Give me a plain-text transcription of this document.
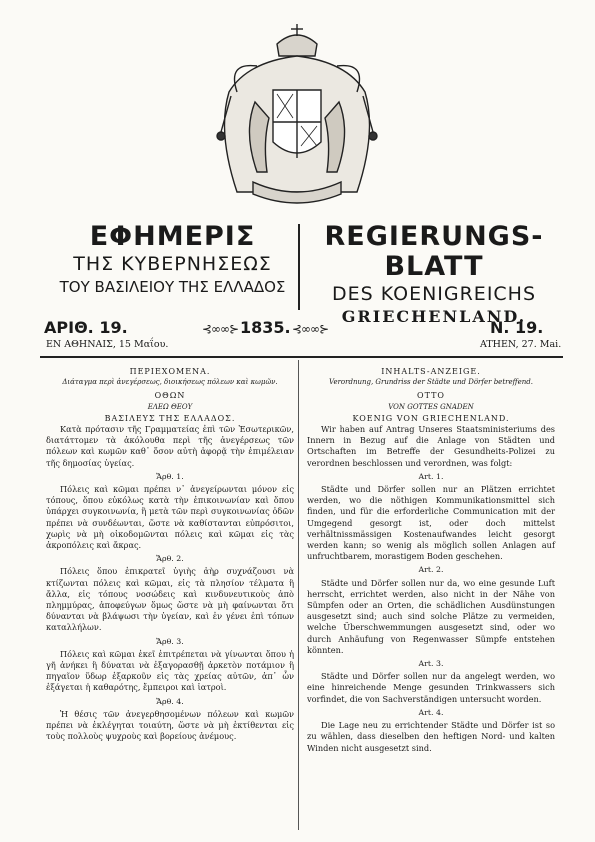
ΕΦΗΜΕΡΙΣ
ΤΗΣ ΚΥΒΕΡΝΗΣΕΩΣ
ΤΟΥ ΒΑΣΙΛΕΙΟΥ ΤΗΣ ΕΛΛΑΔΟΣ
REGIERUNGS-BLATT
DES KOENIGREICHS
GRIECHENLAND.
ΑΡΙΘ. 19.	⊰∞∞⊱ 1835. ⊰∞∞⊱	N. 19.
ΕΝ ΑΘΗΝΑΙΣ, 15 Μαΐου.	ATHEN, 27. Mai.
ΠΕΡΙΕΧΟΜΕΝΑ.
Διάταγμα περὶ ἀνεγέρσεως, διοικήσεως πόλεων καὶ κωμῶν.
ΟΘΩΝ
ΕΛΕΩ ΘΕΟΥ
ΒΑΣΙΛΕΥΣ ΤΗΣ ΕΛΛΑΔΟΣ.

Κατὰ πρότασιν τῆς Γραμματείας ἐπὶ τῶν Ἐσωτερικῶν, διατάττομεν τὰ ἀκόλουθα περὶ τῆς ἀνεγέρσεως τῶν πόλεων καὶ κωμῶν καθ᾽ ὅσον αὐτὴ ἀφορᾷ τὴν ἐπιμέλειαν τῆς δημοσίας ὑγείας.

Ἄρθ. 1.

Πόλεις καὶ κῶμαι πρέπει ν᾽ ἀνεγείρωνται μόνον εἰς τόπους, ὅπου εὐκόλως κατὰ τὴν ἐπικοινωνίαν καὶ ὅπου ὑπάρχει συγκοινωνία, ἢ μετὰ τῶν περὶ συγκοινωνίας ὁδῶν πρέπει νὰ συνδέωνται, ὥστε νὰ καθίστανται εὐπρόσιτοι, χωρὶς νὰ μὴ οἰκοδομῶνται πόλεις καὶ κῶμαι εἰς τὰς ἀκροπόλεις καὶ ἄκρας.

Ἄρθ. 2.

Πόλεις ὅπου ἐπικρατεῖ ὑγιὴς ἀὴρ συχνάζουσι νὰ κτίζωνται πόλεις καὶ κῶμαι, εἰς τὰ πλησίον τέλματα ἢ ἄλλα, εἰς τόπους νοσώδεις καὶ κινδυνευτικοὺς ἀπὸ πλημμύρας, ἀποφεύγων ὅμως ὥστε νὰ μὴ φαίνωνται ὅτι δύνανται νὰ βλάψωσι τὴν ὑγείαν, καὶ ἐν γένει ἐπὶ τόπων καταλλήλων.

Ἄρθ. 3.

Πόλεις καὶ κῶμαι ἐκεῖ ἐπιτρέπεται νὰ γίνωνται ὅπου ἡ γῆ ἀνήκει ἢ δύναται νὰ ἐξαγορασθῇ ἀρκετὸν ποτάμιον ἢ πηγαῖον ὕδωρ ἐξαρκοῦν εἰς τὰς χρείας αὐτῶν, ἀπ᾽ ὧν ἐξάγεται ἡ καθαρότης, ἔμπειροι καὶ ἰατροὶ.

Ἄρθ. 4.

Ἡ θέσις τῶν ἀνεγερθησομένων πόλεων καὶ κωμῶν πρέπει νὰ ἐκλέγηται τοιαύτη, ὥστε νὰ μὴ ἐκτίθενται εἰς τοὺς πολλοὺς ψυχροὺς καὶ βορείους ἀνέμους.

INHALTS-ANZEIGE.
Verordnung, Grundriss der Städte und Dörfer betreffend.
OTTO
VON GOTTES GNADEN
KOENIG VON GRIECHENLAND.

Wir haben auf Antrag Unseres Staatsministeriums des Innern in Bezug auf die Anlage von Städten und Ortschaften im Betreffe der Gesundheits-Polizei zu verordnen beschlossen und verordnen, was folgt:

Art. 1.

Städte und Dörfer sollen nur an Plätzen errichtet werden, wo die nöthigen Kommunikationsmittel sich finden, und für die erforderliche Communication mit der Umgegend gesorgt ist, oder doch mittelst verhältnissmässigen Kostenaufwandes leicht gesorgt werden kann; so wenig als möglich sollen Anlagen auf unfruchtbarem, morastigem Boden geschehen.

Art. 2.

Städte und Dörfer sollen nur da, wo eine gesunde Luft herrscht, errichtet werden, also nicht in der Nähe von Sümpfen oder an Orten, die schädlichen Ausdünstungen ausgesetzt sind; auch sind solche Plätze zu vermeiden, welche Überschwemmungen ausgesetzt sind, oder wo durch Anhäufung von Regenwasser Sümpfe entstehen könnten.

Art. 3.

Städte und Dörfer sollen nur da angelegt werden, wo eine hinreichende Menge gesunden Trinkwassers sich vorfindet, die von Sachverständigen untersucht worden.

Art. 4.

Die Lage neu zu errichtender Städte und Dörfer ist so zu wählen, dass dieselben den heftigen Nord- und kalten Winden nicht ausgesetzt sind.
